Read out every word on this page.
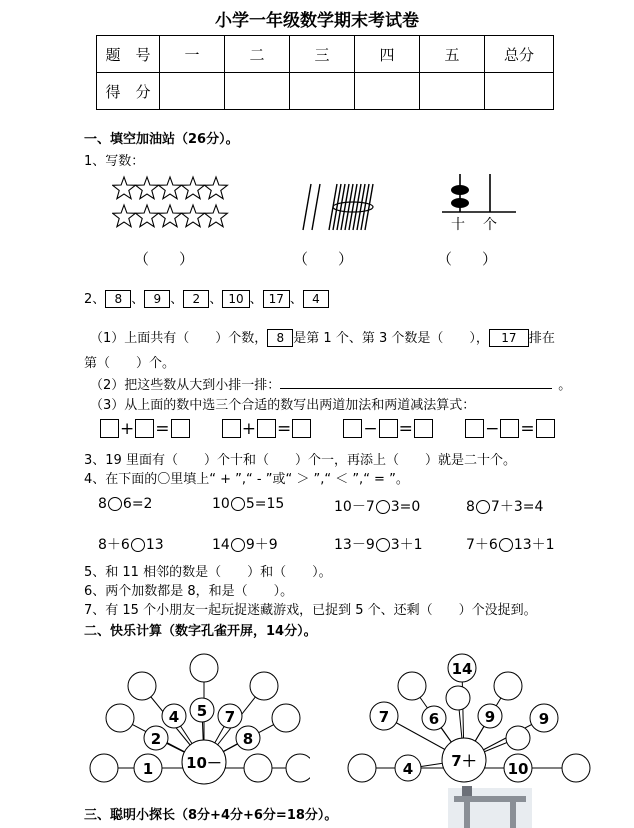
小学一年级数学期末考试卷
题　号	一	二	三	四	五	总分
得　分						
一、填空加油站（26分）。
1、写数：
十 个
（　　）	（　　）	（　　）
2、 8 、 9 、 2 、 10 、 17 、 4
（1）上面共有（　　）个数， 8 是第 1 个、第 3 个数是（　　）， 17 排在
第（　　）个。
（2）把这些数从大到小排一排：	。
（3）从上面的数中选三个合适的数写出两道加法和两道减法算式：
+ =	+ =	− =	− =
3、19 里面有（　　）个十和（　　）个一，再添上（　　）就是二十个。
4、在下面的〇里填上“ + ”,“ - ”或“ ＞ ”,“ ＜ ”,“ = ”。
8 6=2	10 5=15	10－7 3=0	8 7＋3=4
8＋6 13	14 9＋9	13－9 3＋1	7＋6 13＋1
5、和 11 相邻的数是（　　）和（　　）。
6、两个加数都是 8，和是（　　）。
7、有 15 个小朋友一起玩捉迷藏游戏，已捉到 5 个、还剩（　　）个没捉到。
二、快乐计算（数字孔雀开屏，14分）。
1
2
4 5 7
8
10－	4
7	6
14
9	9
10
7＋
三、聪明小探长（8分+4分+6分=18分）。
